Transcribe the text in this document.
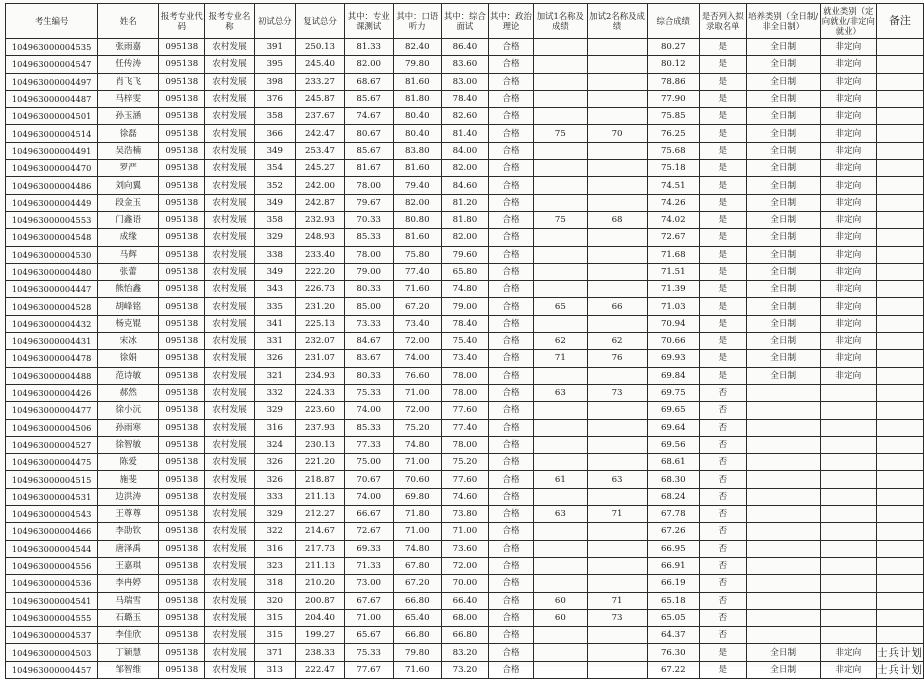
考生编号	姓名	报考专业代码	报考专业名称	初试总分	复试总分	其中：专业课测试	其中：口语听力	其中：综合面试	其中：政治理论	加试1名称及成绩	加试2名称及成绩	综合成绩	是否列入拟录取名单	培养类别（全日制/非全日制）	就业类别（定向就业/非定向就业）	备注
104963000004535	张雨嘉	095138	农村发展	391	250.13	81.33	82.40	86.40	合格			80.27	是	全日制	非定向	
104963000004547	任传涛	095138	农村发展	395	245.40	82.00	79.80	83.60	合格			80.12	是	全日制	非定向	
104963000004497	肖飞飞	095138	农村发展	398	233.27	68.67	81.60	83.00	合格			78.86	是	全日制	非定向	
104963000004487	马梓雯	095138	农村发展	376	245.87	85.67	81.80	78.40	合格			77.90	是	全日制	非定向	
104963000004501	孙玉涵	095138	农村发展	358	237.67	74.67	80.40	82.60	合格			75.85	是	全日制	非定向	
104963000004514	徐磊	095138	农村发展	366	242.47	80.67	80.40	81.40	合格	75	70	76.25	是	全日制	非定向	
104963000004491	吴浩楠	095138	农村发展	349	253.47	85.67	83.80	84.00	合格			75.68	是	全日制	非定向	
104963000004470	罗严	095138	农村发展	354	245.27	81.67	81.60	82.00	合格			75.18	是	全日制	非定向	
104963000004486	刘向翼	095138	农村发展	352	242.00	78.00	79.40	84.60	合格			74.51	是	全日制	非定向	
104963000004449	段金玉	095138	农村发展	349	242.87	79.67	82.00	81.20	合格			74.26	是	全日制	非定向	
104963000004553	门鑫语	095138	农村发展	358	232.93	70.33	80.80	81.80	合格	75	68	74.02	是	全日制	非定向	
104963000004548	成缘	095138	农村发展	329	248.93	85.33	81.60	82.00	合格			72.67	是	全日制	非定向	
104963000004530	马辉	095138	农村发展	338	233.40	78.00	75.80	79.60	合格			71.68	是	全日制	非定向	
104963000004480	张蕾	095138	农村发展	349	222.20	79.00	77.40	65.80	合格			71.51	是	全日制	非定向	
104963000004447	熊怡鑫	095138	农村发展	343	226.73	80.33	71.60	74.80	合格			71.39	是	全日制	非定向	
104963000004528	胡峰铭	095138	农村发展	335	231.20	85.00	67.20	79.00	合格	65	66	71.03	是	全日制	非定向	
104963000004432	杨克锟	095138	农村发展	341	225.13	73.33	73.40	78.40	合格			70.94	是	全日制	非定向	
104963000004431	宋冰	095138	农村发展	331	232.07	84.67	72.00	75.40	合格	62	62	70.66	是	全日制	非定向	
104963000004478	徐娟	095138	农村发展	326	231.07	83.67	74.00	73.40	合格	71	76	69.93	是	全日制	非定向	
104963000004488	范诗敏	095138	农村发展	321	234.93	80.33	76.60	78.00	合格			69.84	是	全日制	非定向	
104963000004426	郝然	095138	农村发展	332	224.33	75.33	71.00	78.00	合格	63	73	69.75	否			
104963000004477	徐小沅	095138	农村发展	329	223.60	74.00	72.00	77.60	合格			69.65	否			
104963000004506	孙雨寒	095138	农村发展	316	237.93	85.33	75.20	77.40	合格			69.64	否			
104963000004527	徐智敏	095138	农村发展	324	230.13	77.33	74.80	78.00	合格			69.56	否			
104963000004475	陈爱	095138	农村发展	326	221.20	75.00	71.00	75.20	合格			68.61	否			
104963000004515	施斐	095138	农村发展	326	218.87	70.67	70.60	77.60	合格	61	63	68.30	否			
104963000004531	边洪涛	095138	农村发展	333	211.13	74.00	69.80	74.60	合格			68.24	否			
104963000004543	王尊尊	095138	农村发展	329	212.27	66.67	71.80	73.80	合格	63	71	67.78	否			
104963000004466	李劭钦	095138	农村发展	322	214.67	72.67	71.00	71.00	合格			67.26	否			
104963000004544	唐泽禹	095138	农村发展	316	217.73	69.33	74.80	73.60	合格			66.95	否			
104963000004556	王嘉琪	095138	农村发展	323	211.13	71.33	67.80	72.00	合格			66.91	否			
104963000004536	李冉婷	095138	农村发展	318	210.20	73.00	67.20	70.00	合格			66.19	否			
104963000004541	马瑞雪	095138	农村发展	320	200.87	67.67	66.80	66.40	合格	60	71	65.18	否			
104963000004555	石璐玉	095138	农村发展	315	204.40	71.00	65.40	68.00	合格	60	73	65.05	否			
104963000004537	李佳欣	095138	农村发展	315	199.27	65.67	66.80	66.80	合格			64.37	否			
104963000004503	丁颖慧	095138	农村发展	371	238.33	75.33	79.80	83.20	合格			76.30	是	全日制	非定向	士兵计划
104963000004457	邹智维	095138	农村发展	313	222.47	77.67	71.60	73.20	合格			67.22	是	全日制	非定向	士兵计划
